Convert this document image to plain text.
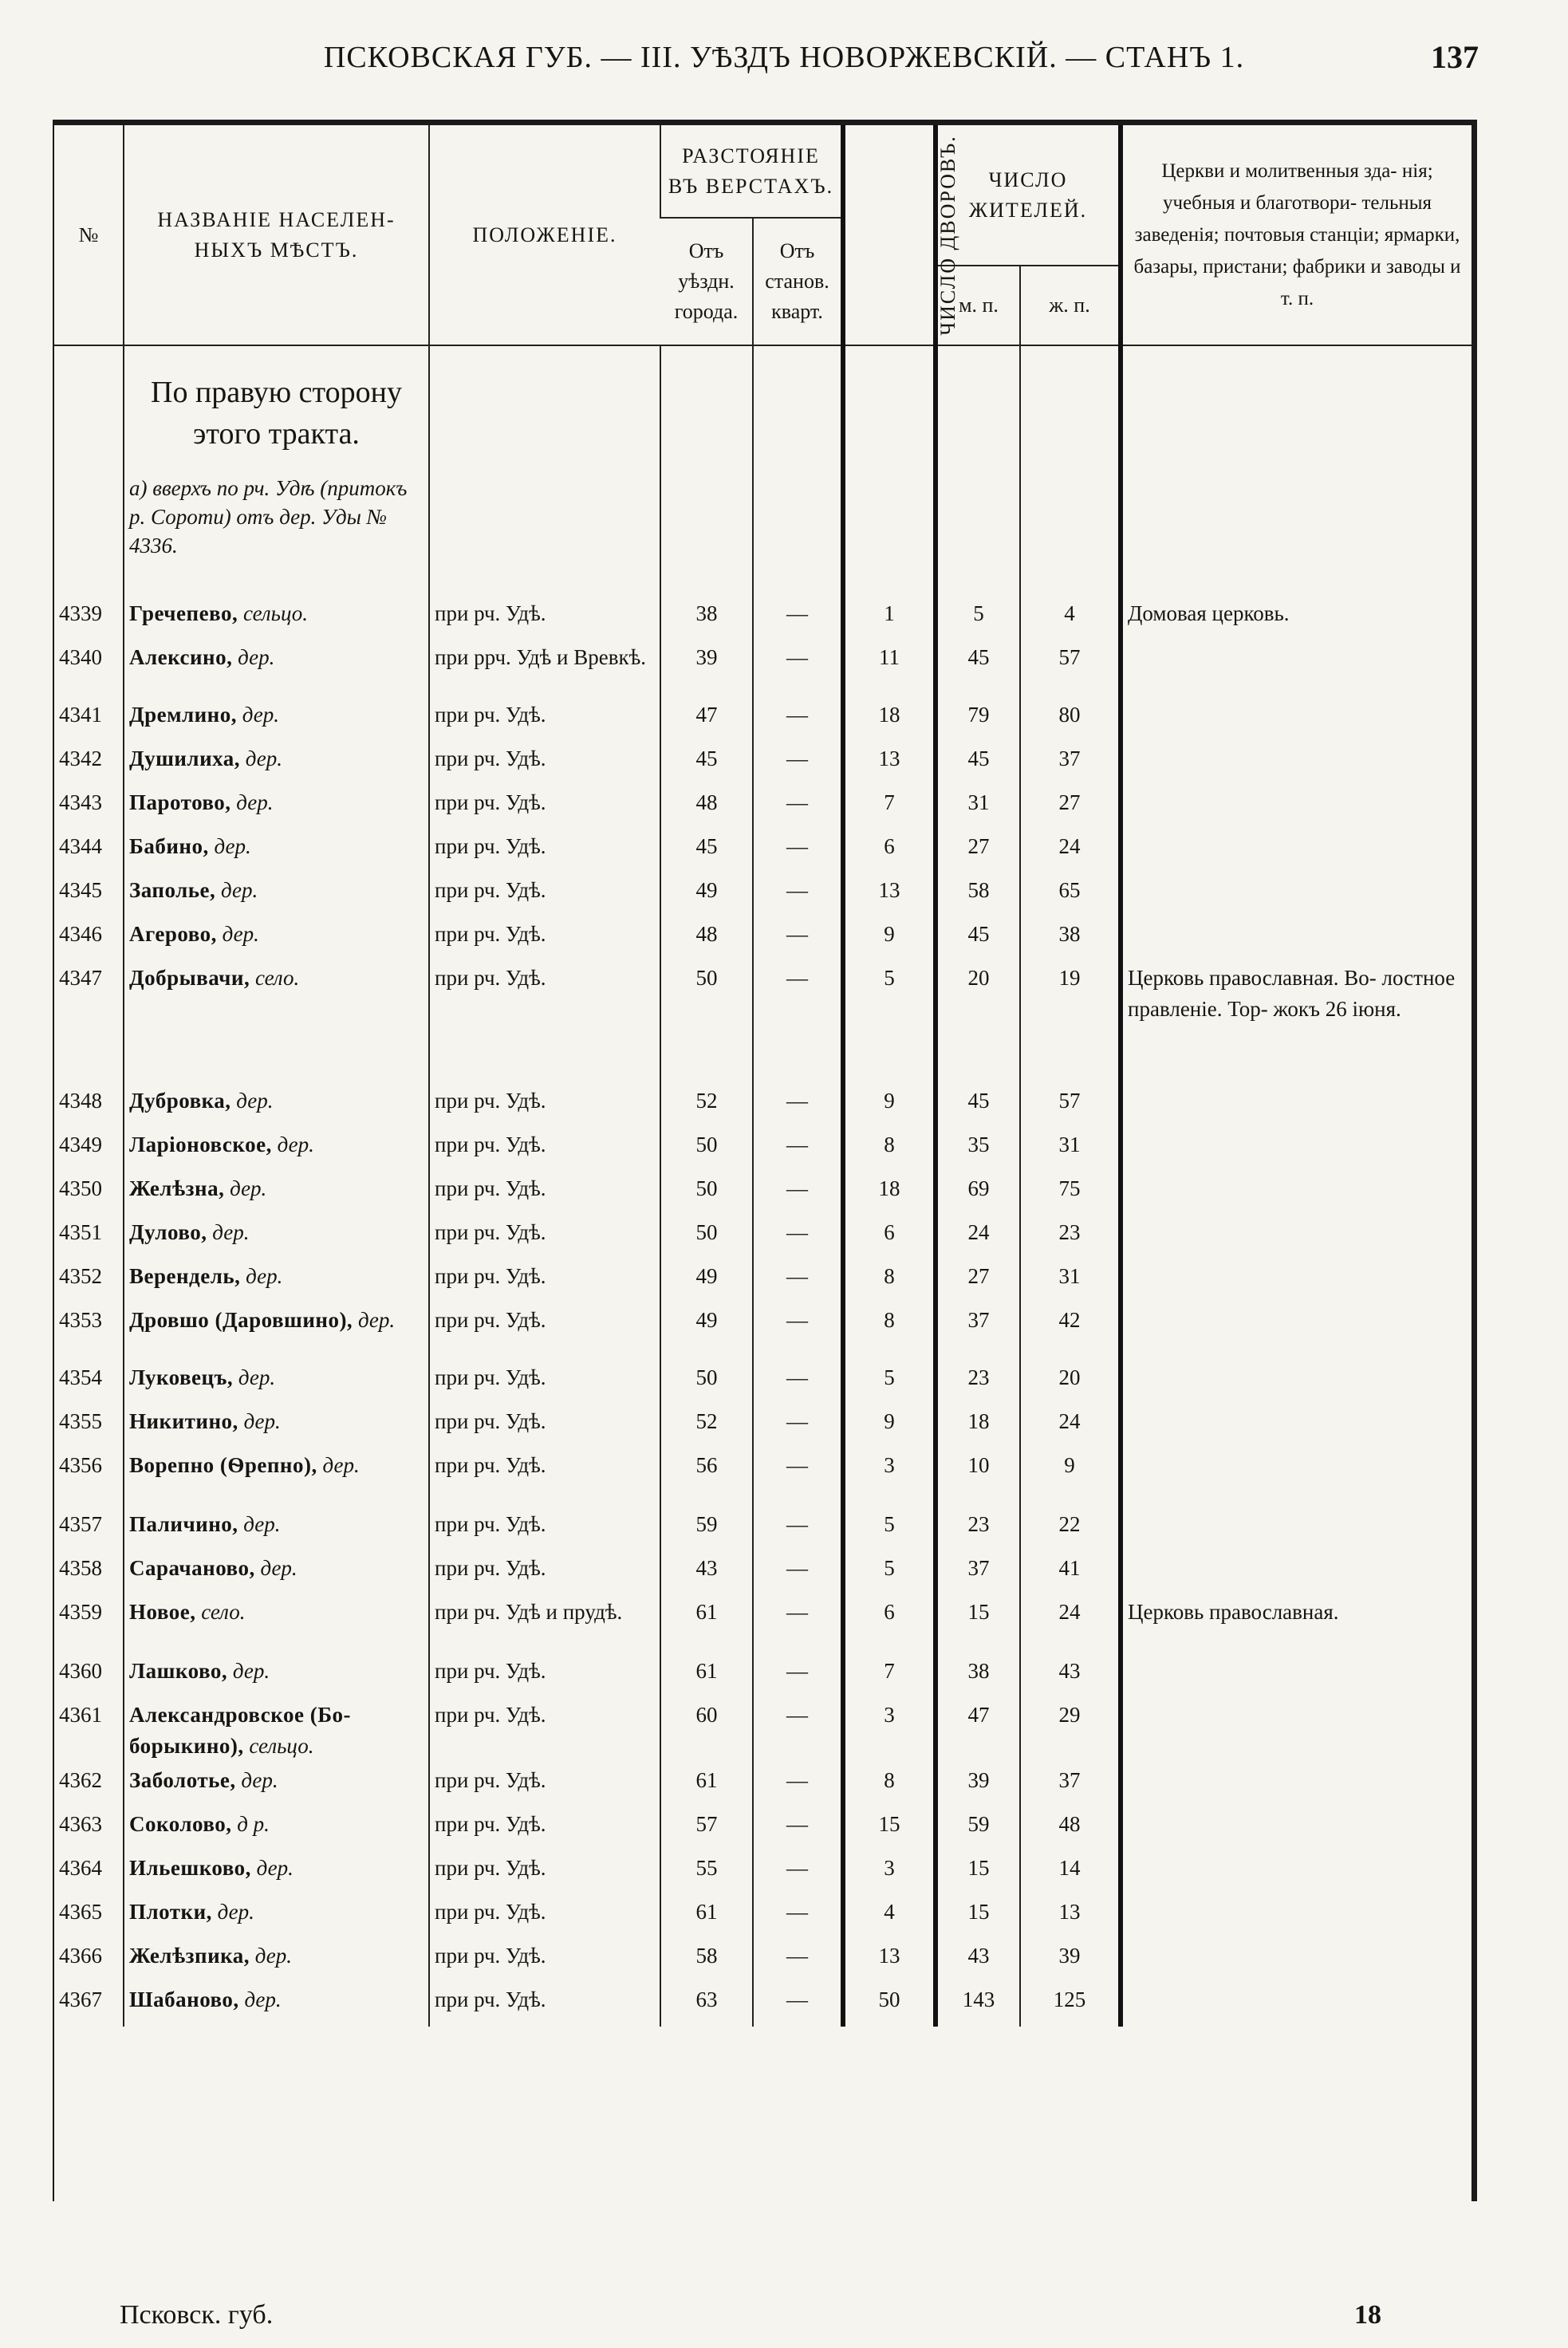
ПСКОВСКАЯ ГУБ. — III. УѢЗДЪ НОВОРЖЕВСКІЙ. — СТАНЪ 1.	137
№	НАЗВАНІЕ НАСЕЛЕН- НЫХЪ МѢСТЪ.	ПОЛОЖЕНІЕ.	РАЗСТОЯНІЕ ВЪ ВЕРСТАХЪ.		ЧИСЛО ДВОРОВЪ.	ЧИСЛО ЖИТЕЛЕЙ.		Церкви и молитвенныя зда- нія; учебныя и благотвори- тельныя заведенія; почтовыя станціи; ярмарки, базары, пристани; фабрики и заводы и т. п.
			Отъ уѣздн. города.	Отъ станов. кварт.				
						м. п.	ж. п.	

	По правую сторону этого тракта.
а) вверхъ по рч. Удѣ (притокъ р. Сороти) отъ дер. Уды № 4336.							

4339	Гречепево, сельцо.	при рч. Удѣ.	38	—	1	5	4	Домовая церковь.
4340	Алексино, дер.	при ррч. Удѣ и Вревкѣ.	39	—	11	45	57	
4341	Дремлино, дер.	при рч. Удѣ.	47	—	18	79	80	
4342	Душилиха, дер.	при рч. Удѣ.	45	—	13	45	37	
4343	Паротово, дер.	при рч. Удѣ.	48	—	7	31	27	
4344	Бабино, дер.	при рч. Удѣ.	45	—	6	27	24	
4345	Заполье, дер.	при рч. Удѣ.	49	—	13	58	65	
4346	Агерово, дер.	при рч. Удѣ.	48	—	9	45	38	
4347	Добрывачи, село.	при рч. Удѣ.	50	—	5	20	19	Церковь православная. Во- лостное правленіе. Тор- жокъ 26 іюня.
4348	Дубровка, дер.	при рч. Удѣ.	52	—	9	45	57	
4349	Ларіоновское, дер.	при рч. Удѣ.	50	—	8	35	31	
4350	Желѣзна, дер.	при рч. Удѣ.	50	—	18	69	75	
4351	Дулово, дер.	при рч. Удѣ.	50	—	6	24	23	
4352	Верендель, дер.	при рч. Удѣ.	49	—	8	27	31	
4353	Дровшо (Даровшино), дер.	при рч. Удѣ.	49	—	8	37	42	
4354	Луковецъ, дер.	при рч. Удѣ.	50	—	5	23	20	
4355	Никитино, дер.	при рч. Удѣ.	52	—	9	18	24	
4356	Ворепно (Ѳрепно), дер.	при рч. Удѣ.	56	—	3	10	9	
4357	Паличино, дер.	при рч. Удѣ.	59	—	5	23	22	
4358	Сарачаново, дер.	при рч. Удѣ.	43	—	5	37	41	
4359	Новое, село.	при рч. Удѣ и прудѣ.	61	—	6	15	24	Церковь православная.
4360	Лашково, дер.	при рч. Удѣ.	61	—	7	38	43	
4361	Александровское (Бо- борыкино), сельцо.	при рч. Удѣ.	60	—	3	47	29	
4362	Заболотье, дер.	при рч. Удѣ.	61	—	8	39	37	
4363	Соколово, д р.	при рч. Удѣ.	57	—	15	59	48	
4364	Ильешково, дер.	при рч. Удѣ.	55	—	3	15	14	
4365	Плотки, дер.	при рч. Удѣ.	61	—	4	15	13	
4366	Желѣзпика, дер.	при рч. Удѣ.	58	—	13	43	39	
4367	Шабаново, дер.	при рч. Удѣ.	63	—	50	143	125	
Псковск. губ.	18
